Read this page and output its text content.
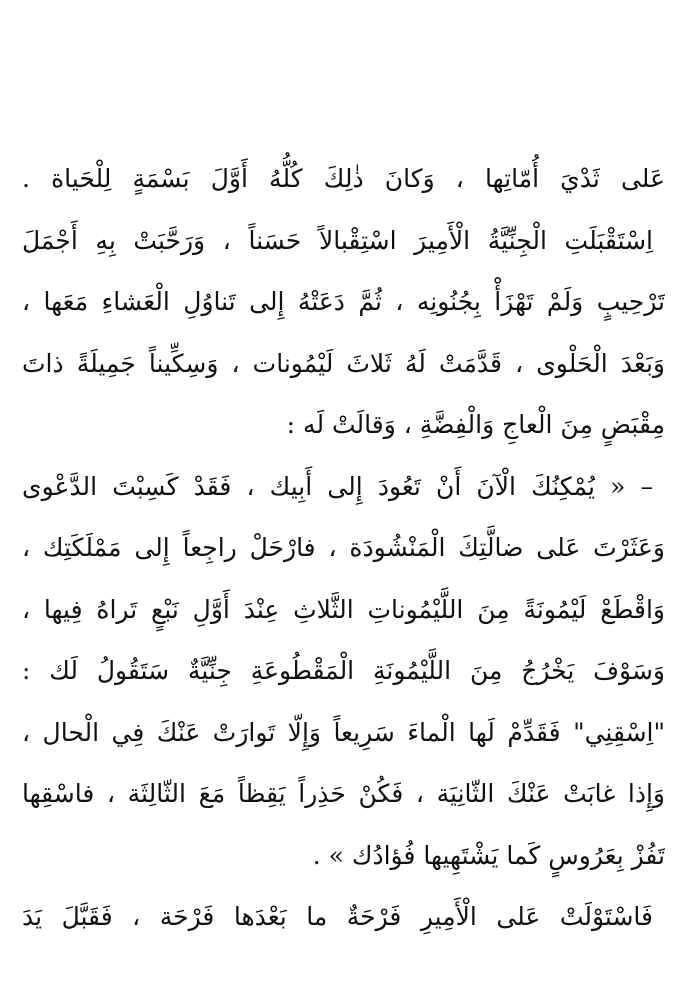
عَلى ثَدْيَ أُمّاتِها ، وَكانَ ذٰلِكَ كُلُّهُ أَوَّلَ بَسْمَةٍ لِلْحَياة .
اِسْتَقْبَلَتِ الْجِنِّيَّةُ الْأَمِيرَ اسْتِقْبالاً حَسَناً ، وَرَحَّبَتْ بِهِ أَجْمَلَ
تَرْحِيبٍ وَلَمْ تَهْزَأْ بِجُنُونِه ، ثُمَّ دَعَتْهُ إِلى تَناوُلِ الْعَشاءِ مَعَها ،
وَبَعْدَ الْحَلْوى ، قَدَّمَتْ لَهُ ثَلاثَ لَيْمُونات ، وَسِكِّيناً جَمِيلَةً ذاتَ
مِقْبَضٍ مِنَ الْعاجِ وَالْفِضَّةِ ، وَقالَتْ لَه :
– « يُمْكِنُكَ الْآنَ أَنْ تَعُودَ إِلى أَبِيك ، فَقَدْ كَسِبْتَ الدَّعْوى
وَعَثَرْتَ عَلى ضالَّتِكَ الْمَنْشُودَة ، فارْحَلْ راجِعاً إِلى مَمْلَكَتِك ،
وَاقْطَعْ لَيْمُونَةً مِنَ اللَّيْمُوناتِ الثَّلاثِ عِنْدَ أَوَّلِ نَبْعٍ تَراهُ فِيها ،
وَسَوْفَ يَخْرُجُ مِنَ اللَّيْمُونَةِ الْمَقْطُوعَةِ جِنِّيَّةٌ سَتَقُولُ لَك :
"اِسْقِنِي" فَقَدِّمْ لَها الْماءَ سَرِيعاً وَإِلّا تَوارَتْ عَنْكَ فِي الْحال ،
وَإِذا غابَتْ عَنْكَ الثّانِيَة ، فَكُنْ حَذِراً يَقِظاً مَعَ الثّالِثَة ، فاسْقِها
تَفُزْ بِعَرُوسٍ كَما يَشْتَهِيها فُؤادُك » .
فَاسْتَوْلَتْ عَلى الْأَمِيرِ فَرْحَةٌ ما بَعْدَها فَرْحَة ، فَقَبَّلَ يَدَ
